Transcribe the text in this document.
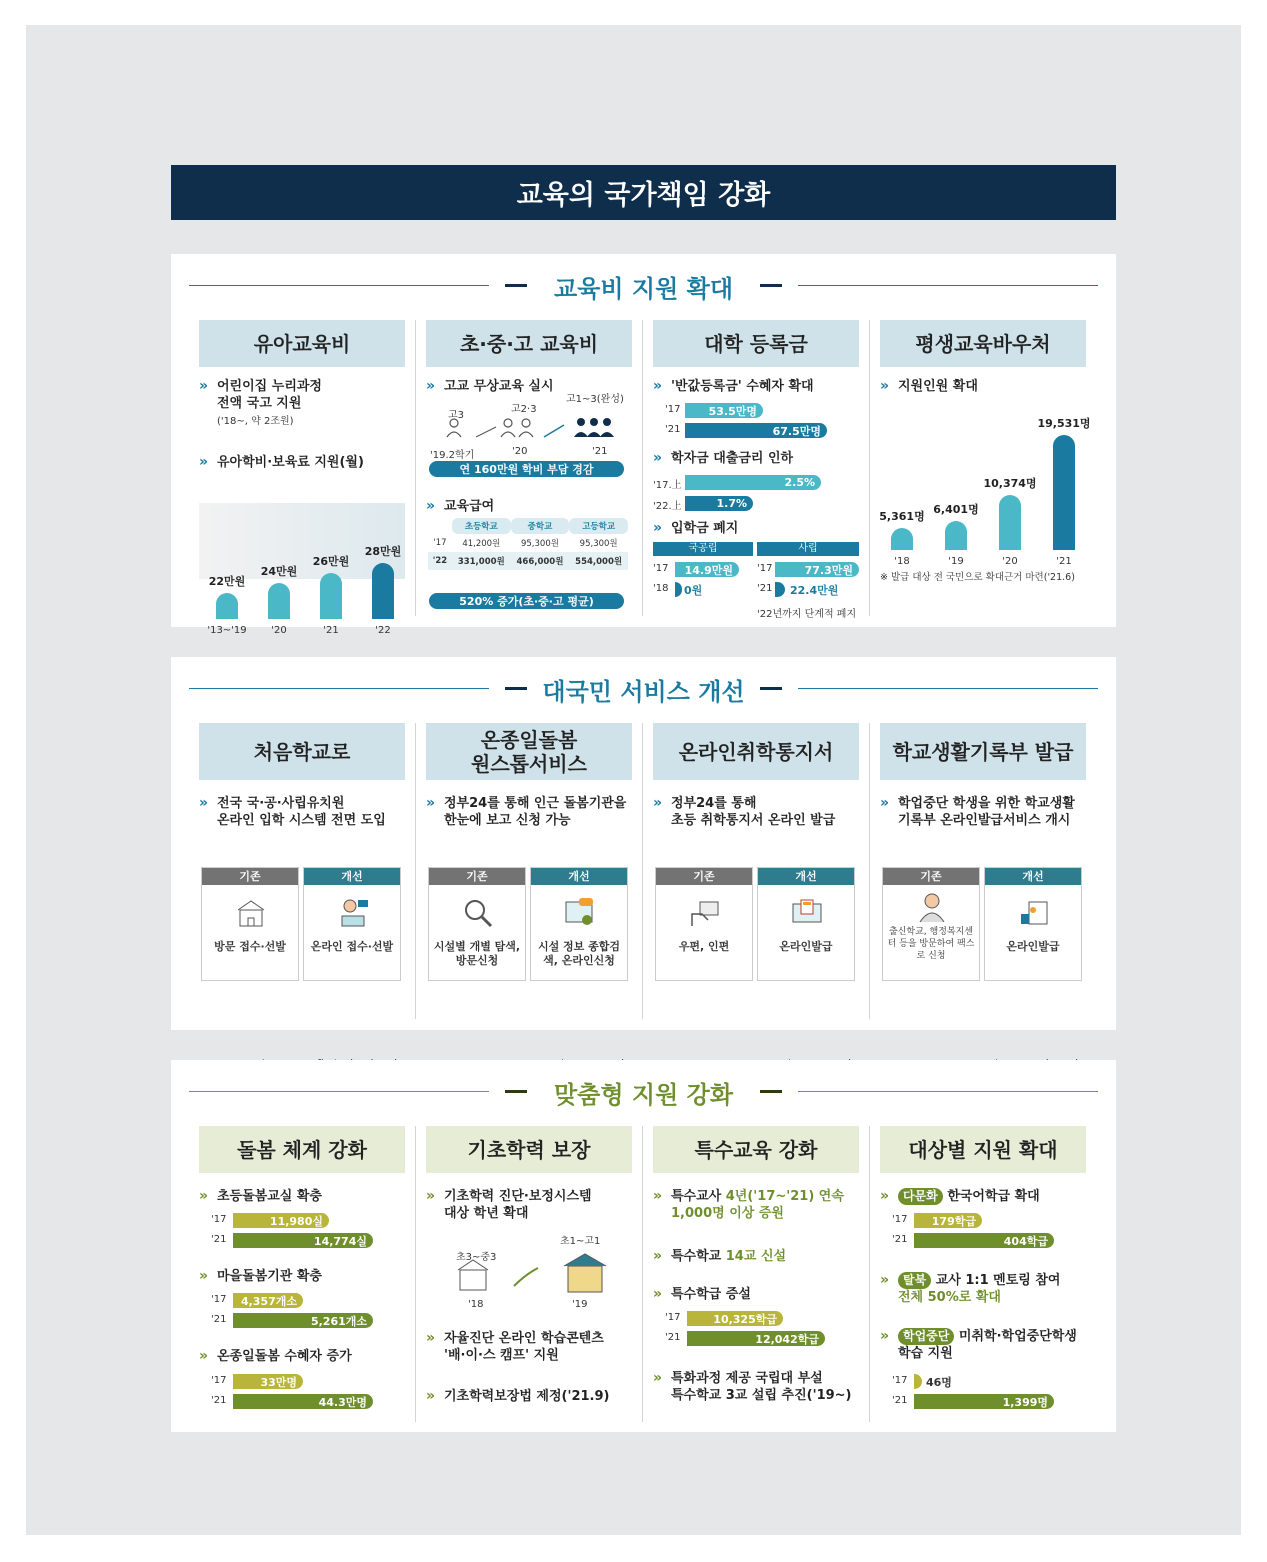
교육의 국가책임 강화
교육비 지원 확대
유아교육비
» 어린이집 누리과정
전액 국고 지원
('18~, 약 2조원)
» 유아학비·보육료 지원(월)
22만원
'13~'19
24만원
'20
26만원
'21
28만원
'22
초·중·고 교육비
» 고교 무상교육 실시
고3
고2·3
고1~3(완성)
'19.2학기	'20	'21
연 160만원 학비 부담 경감
» 교육급여
	초등학교	중학교	고등학교
'17	41,200원	95,300원	95,300원
'22	331,000원	466,000원	554,000원
520% 증가(초·중·고 평균)
대학 등록금
» '반값등록금' 수혜자 확대
'17	53.5만명
'21	67.5만명
» 학자금 대출금리 인하
'17.上	2.5%
'22.上	1.7%
» 입학금 폐지
국공립	사립
'17	14.9만원
'18 0원
'17	77.3만원
'21 22.4만원
'22년까지 단계적 폐지
평생교육바우처
» 지원인원 확대
5,361명
'18
6,401명
'19
10,374명
'20
19,531명
'21
※ 발급 대상 전 국민으로 확대근거 마련('21.6)
대국민 서비스 개선
처음학교로
» 전국 국·공·사립유치원
온라인 입학 시스템 전면 도입
기존
방문 접수·선발
개선
온라인 접수·선발
온종일돌봄
원스톱서비스
» 정부24를 통해 인근 돌봄기관을
한눈에 보고 신청 가능
기존
시설별 개별 탐색, 방문신청
개선
시설 정보 종합검색, 온라인신청
온라인취학통지서
» 정부24를 통해
초등 취학통지서 온라인 발급
기존
우편, 인편
개선
온라인발급
학교생활기록부 발급
» 학업중단 학생을 위한 학교생활
기록부 온라인발급서비스 개시
기존
출신학교, 행정복지센터 등을 방문하여 팩스로 신청
개선
온라인발급
맞춤형 지원 강화
돌봄 체계 강화
» 초등돌봄교실 확충
'17	11,980실
'21	14,774실
» 마을돌봄기관 확충
'17	4,357개소
'21	5,261개소
» 온종일돌봄 수혜자 증가
'17	33만명
'21	44.3만명
기초학력 보장
» 기초학력 진단·보정시스템
대상 학년 확대
초3~중3
초1~고1
'18	'19
» 자율진단 온라인 학습콘텐츠
'배·이·스 캠프' 지원
» 기초학력보장법 제정('21.9)
특수교육 강화
» 특수교사 4년('17~'21) 연속
1,000명 이상 증원
» 특수학교 14교 신설
» 특수학급 증설
'17	10,325학급
'21	12,042학급
» 특화과정 제공 국립대 부설
특수학교 3교 설립 추진('19~)
대상별 지원 확대
» 다문화 한국어학급 확대
'17	179학급
'21	404학급
» 탈북 교사 1:1 멘토링 참여
전체 50%로 확대
» 학업중단 미취학·학업중단학생
학습 지원
'17 46명
'21	1,399명
